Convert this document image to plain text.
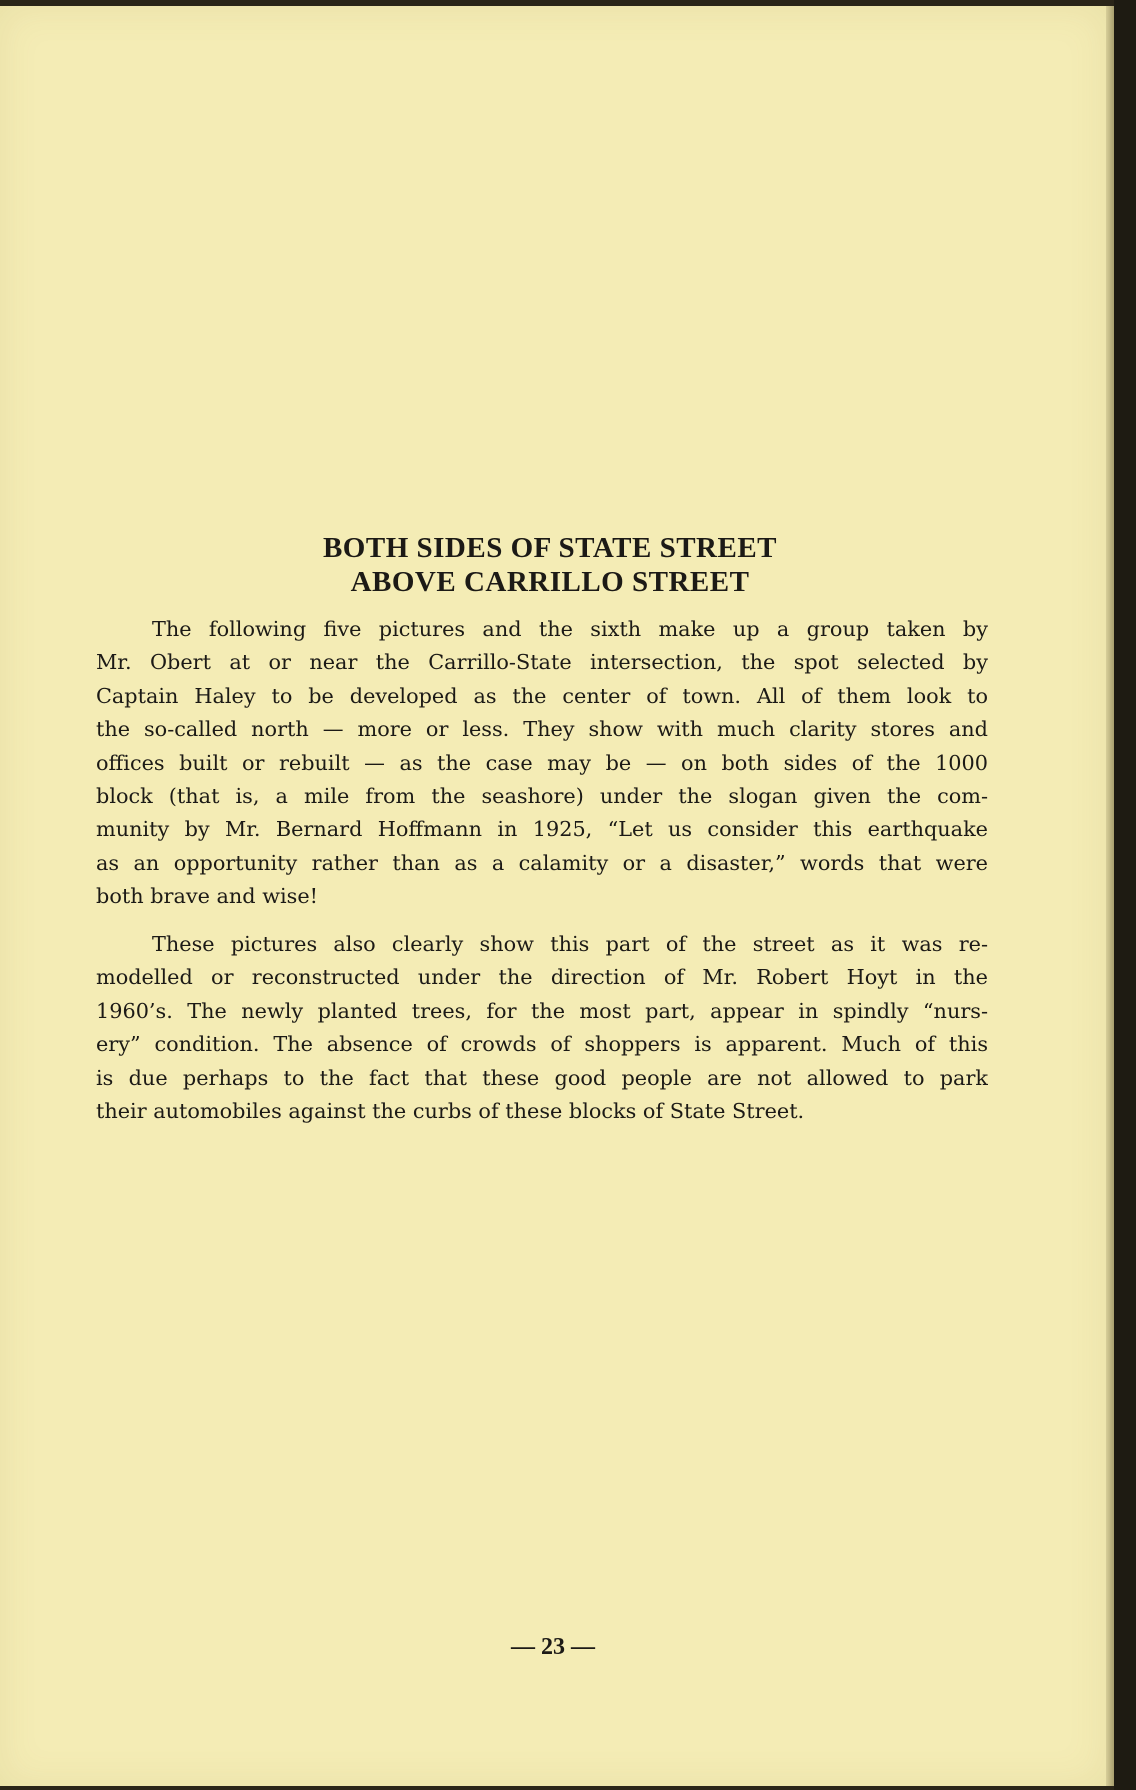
BOTH SIDES OF STATE STREET
ABOVE CARRILLO STREET
The following five pictures and the sixth make up a group taken by
Mr. Obert at or near the Carrillo-State intersection, the spot selected by
Captain Haley to be developed as the center of town. All of them look to
the so-called north — more or less. They show with much clarity stores and
offices built or rebuilt — as the case may be — on both sides of the 1000
block (that is, a mile from the seashore) under the slogan given the com-
munity by Mr. Bernard Hoffmann in 1925, “Let us consider this earthquake
as an opportunity rather than as a calamity or a disaster,” words that were
both brave and wise!
These pictures also clearly show this part of the street as it was re-
modelled or reconstructed under the direction of Mr. Robert Hoyt in the
1960’s. The newly planted trees, for the most part, appear in spindly “nurs-
ery” condition. The absence of crowds of shoppers is apparent. Much of this
is due perhaps to the fact that these good people are not allowed to park
their automobiles against the curbs of these blocks of State Street.
— 23 —
